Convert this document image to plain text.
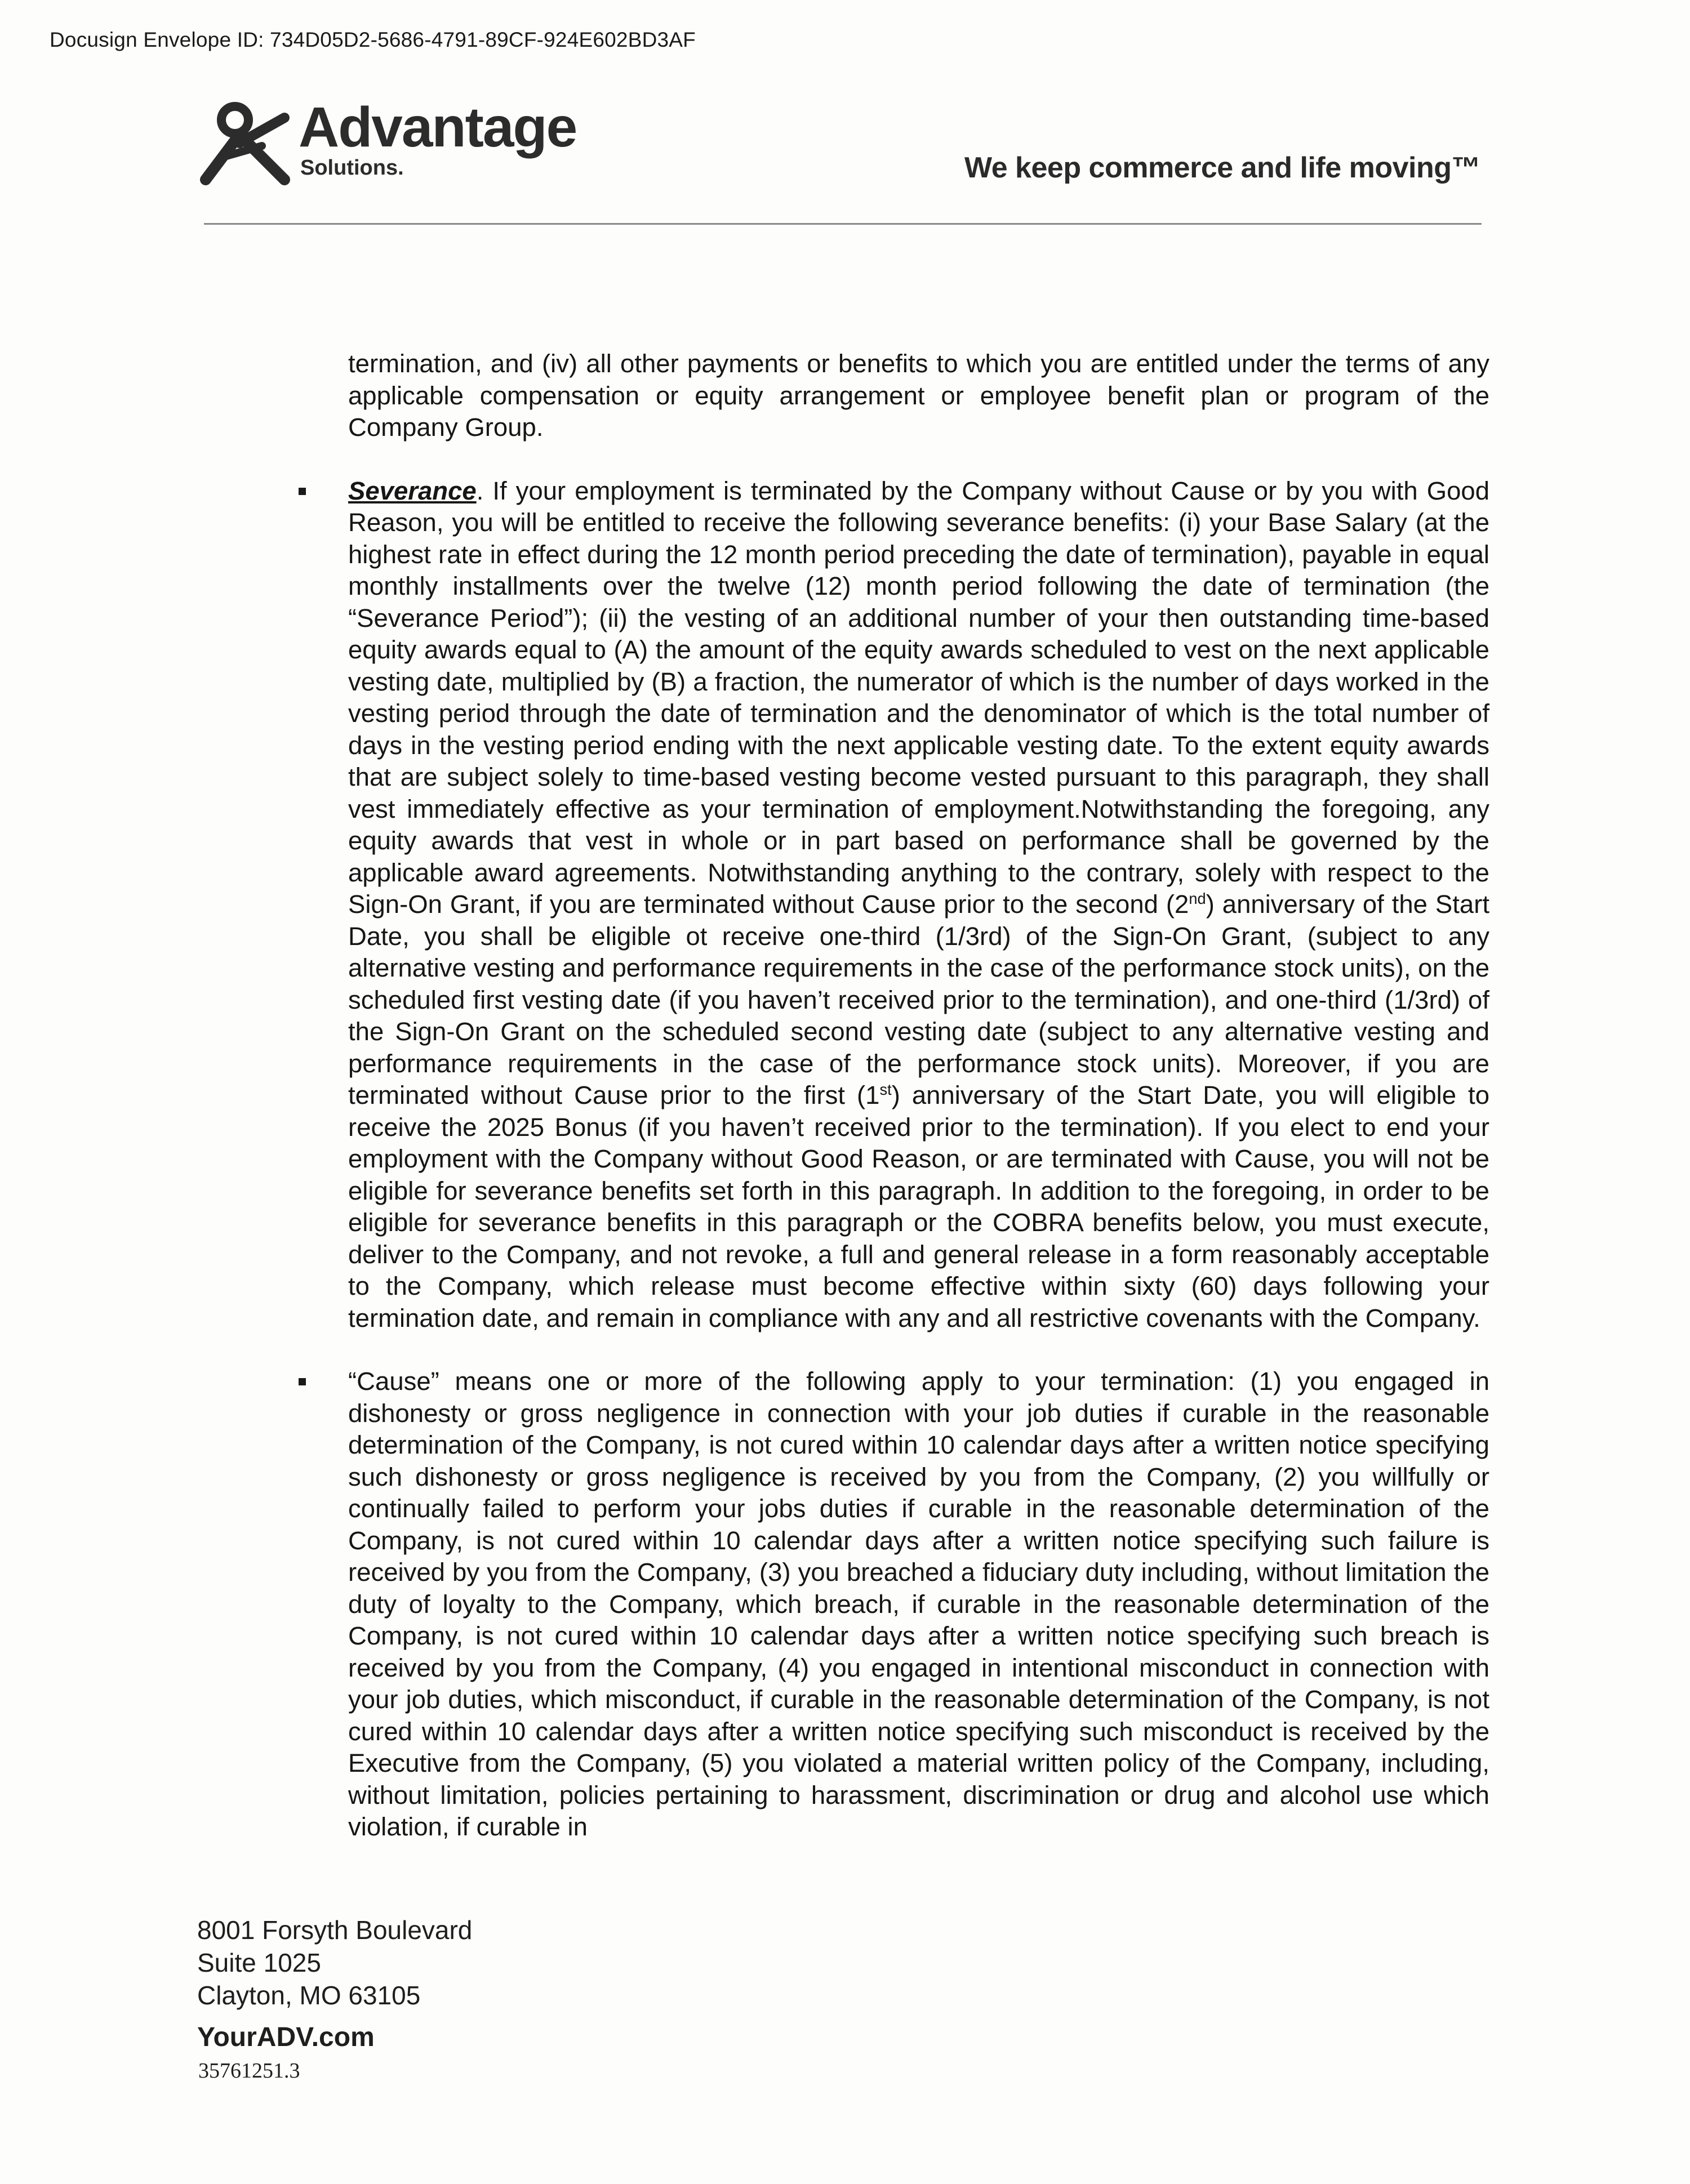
Docusign Envelope ID: 734D05D2-5686-4791-89CF-924E602BD3AF
Advantage
Solutions.	We keep commerce and life moving™

termination, and (iv) all other payments or benefits to which you are entitled under the terms of any applicable compensation or equity arrangement or employee benefit plan or program of the Company Group.

Severance. If your employment is terminated by the Company without Cause or by you with Good Reason, you will be entitled to receive the following severance benefits: (i) your Base Salary (at the highest rate in effect during the 12 month period preceding the date of termination), payable in equal monthly installments over the twelve (12) month period following the date of termination (the “Severance Period”); (ii) the vesting of an additional number of your then outstanding time-based equity awards equal to (A) the amount of the equity awards scheduled to vest on the next applicable vesting date, multiplied by (B) a fraction, the numerator of which is the number of days worked in the vesting period through the date of termination and the denominator of which is the total number of days in the vesting period ending with the next applicable vesting date. To the extent equity awards that are subject solely to time-based vesting become vested pursuant to this paragraph, they shall vest immediately effective as your termination of employment.Notwithstanding the foregoing, any equity awards that vest in whole or in part based on performance shall be governed by the applicable award agreements. Notwithstanding anything to the contrary, solely with respect to the Sign-On Grant, if you are terminated without Cause prior to the second (2nd) anniversary of the Start Date, you shall be eligible ot receive one-third (1/3rd) of the Sign-On Grant, (subject to any alternative vesting and performance requirements in the case of the performance stock units), on the scheduled first vesting date (if you haven’t received prior to the termination), and one-third (1/3rd) of the Sign-On Grant on the scheduled second vesting date (subject to any alternative vesting and performance requirements in the case of the performance stock units). Moreover, if you are terminated without Cause prior to the first (1st) anniversary of the Start Date, you will eligible to receive the 2025 Bonus (if you haven’t received prior to the termination). If you elect to end your employment with the Company without Good Reason, or are terminated with Cause, you will not be eligible for severance benefits set forth in this paragraph. In addition to the foregoing, in order to be eligible for severance benefits in this paragraph or the COBRA benefits below, you must execute, deliver to the Company, and not revoke, a full and general release in a form reasonably acceptable to the Company, which release must become effective within sixty (60) days following your termination date, and remain in compliance with any and all restrictive covenants with the Company.

“Cause” means one or more of the following apply to your termination: (1) you engaged in dishonesty or gross negligence in connection with your job duties if curable in the reasonable determination of the Company, is not cured within 10 calendar days after a written notice specifying such dishonesty or gross negligence is received by you from the Company, (2) you willfully or continually failed to perform your jobs duties if curable in the reasonable determination of the Company, is not cured within 10 calendar days after a written notice specifying such failure is received by you from the Company, (3) you breached a fiduciary duty including, without limitation the duty of loyalty to the Company, which breach, if curable in the reasonable determination of the Company, is not cured within 10 calendar days after a written notice specifying such breach is received by you from the Company, (4) you engaged in intentional misconduct in connection with your job duties, which misconduct, if curable in the reasonable determination of the Company, is not cured within 10 calendar days after a written notice specifying such misconduct is received by the Executive from the Company, (5) you violated a material written policy of the Company, including, without limitation, policies pertaining to harassment, discrimination or drug and alcohol use which violation, if curable in

8001 Forsyth Boulevard
Suite 1025
Clayton, MO 63105
YourADV.com
35761251.3
